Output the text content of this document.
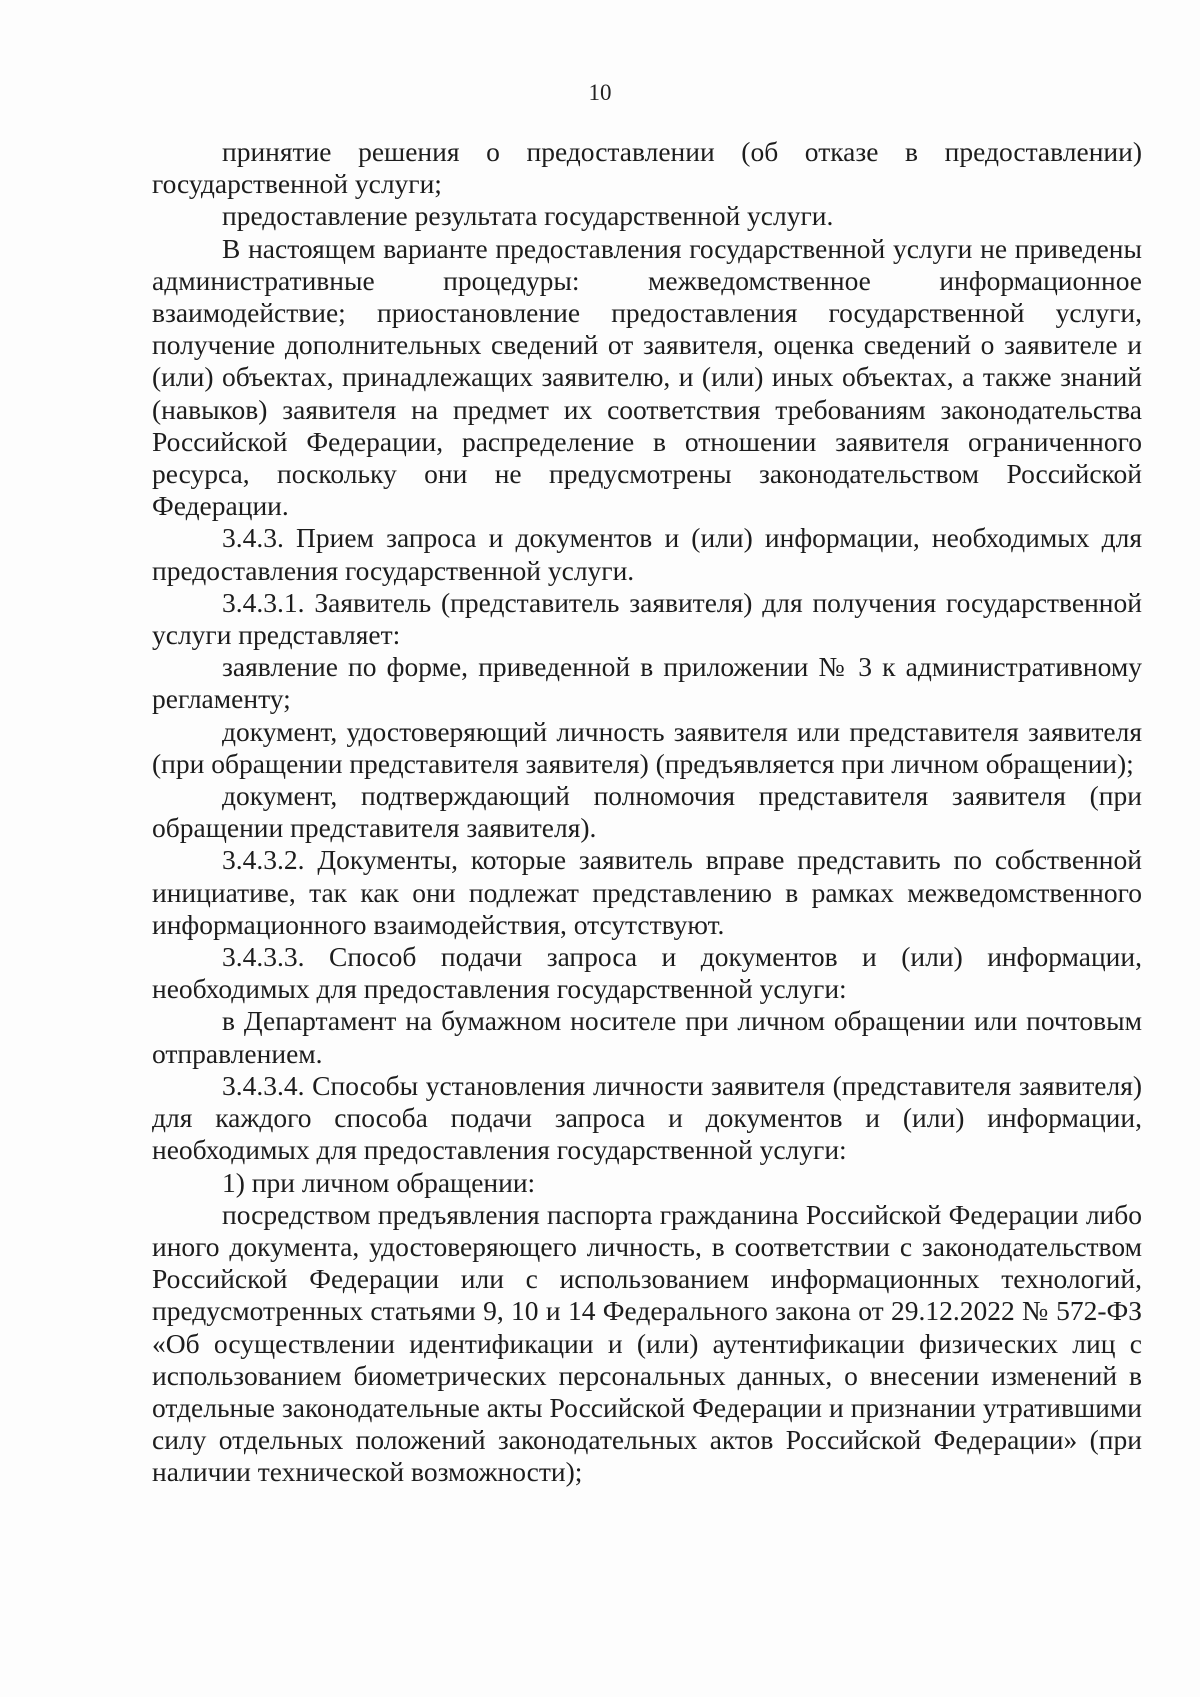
10

принятие решения о предоставлении (об отказе в предоставлении) государственной услуги;

предоставление результата государственной услуги.

В настоящем варианте предоставления государственной услуги не приведены административные процедуры: межведомственное информационное взаимодействие; приостановление предоставления государственной услуги, получение дополнительных сведений от заявителя, оценка сведений о заявителе и (или) объектах, принадлежащих заявителю, и (или) иных объектах, а также знаний (навыков) заявителя на предмет их соответствия требованиям законодательства Российской Федерации, распределение в отношении заявителя ограниченного ресурса, поскольку они не предусмотрены законодательством Российской Федерации.

3.4.3. Прием запроса и документов и (или) информации, необходимых для предоставления государственной услуги.

3.4.3.1. Заявитель (представитель заявителя) для получения государственной услуги представляет:

заявление по форме, приведенной в приложении № 3 к административному регламенту;

документ, удостоверяющий личность заявителя или представителя заявителя (при обращении представителя заявителя) (предъявляется при личном обращении);

документ, подтверждающий полномочия представителя заявителя (при обращении представителя заявителя).

3.4.3.2. Документы, которые заявитель вправе представить по собственной инициативе, так как они подлежат представлению в рамках межведомственного информационного взаимодействия, отсутствуют.

3.4.3.3. Способ подачи запроса и документов и (или) информации, необходимых для предоставления государственной услуги:

в Департамент на бумажном носителе при личном обращении или почтовым отправлением.

3.4.3.4. Способы установления личности заявителя (представителя заявителя) для каждого способа подачи запроса и документов и (или) информации, необходимых для предоставления государственной услуги:

1) при личном обращении:

посредством предъявления паспорта гражданина Российской Федерации либо иного документа, удостоверяющего личность, в соответствии с законодательством Российской Федерации или с использованием информационных технологий, предусмотренных статьями 9, 10 и 14 Федерального закона от 29.12.2022 № 572-ФЗ «Об осуществлении идентификации и (или) аутентификации физических лиц с использованием биометрических персональных данных, о внесении изменений в отдельные законодательные акты Российской Федерации и признании утратившими силу отдельных положений законодательных актов Российской Федерации» (при наличии технической возможности);
